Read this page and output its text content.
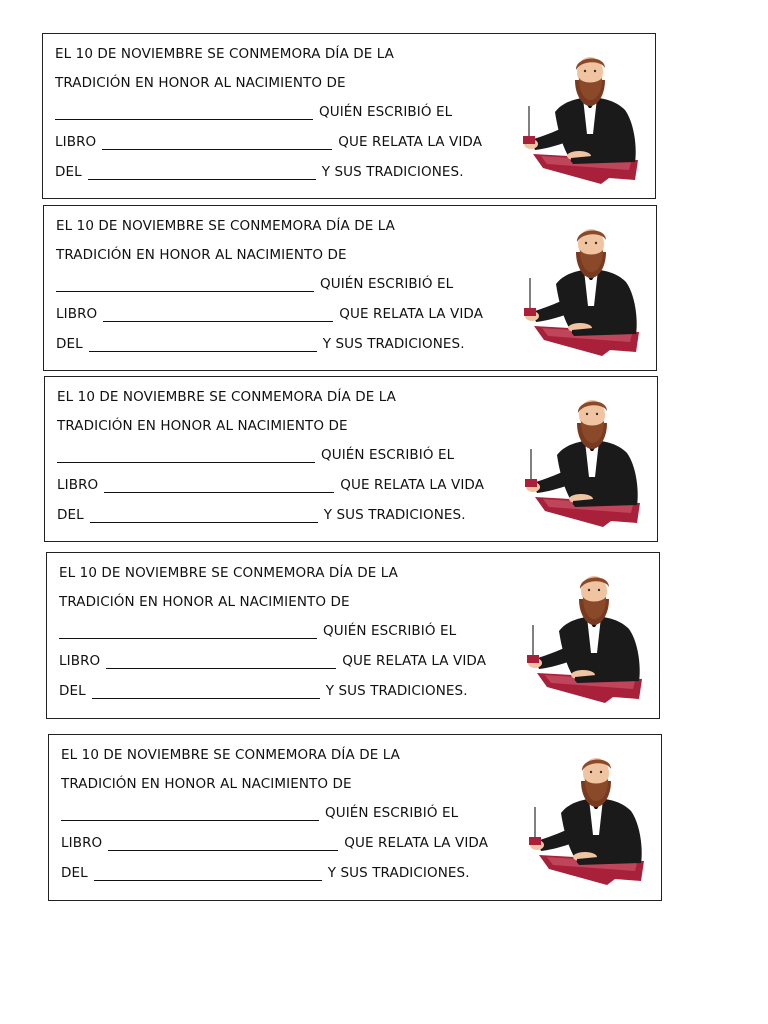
EL 10 DE NOVIEMBRE SE CONMEMORA DÍA DE LA
TRADICIÓN EN HONOR AL NACIMIENTO DE
QUIÉN ESCRIBIÓ EL
LIBRO	QUE RELATA LA VIDA
DEL	Y SUS TRADICIONES.
EL 10 DE NOVIEMBRE SE CONMEMORA DÍA DE LA
TRADICIÓN EN HONOR AL NACIMIENTO DE
QUIÉN ESCRIBIÓ EL
LIBRO	QUE RELATA LA VIDA
DEL	Y SUS TRADICIONES.
EL 10 DE NOVIEMBRE SE CONMEMORA DÍA DE LA
TRADICIÓN EN HONOR AL NACIMIENTO DE
QUIÉN ESCRIBIÓ EL
LIBRO	QUE RELATA LA VIDA
DEL	Y SUS TRADICIONES.
EL 10 DE NOVIEMBRE SE CONMEMORA DÍA DE LA
TRADICIÓN EN HONOR AL NACIMIENTO DE
QUIÉN ESCRIBIÓ EL
LIBRO	QUE RELATA LA VIDA
DEL	Y SUS TRADICIONES.
EL 10 DE NOVIEMBRE SE CONMEMORA DÍA DE LA
TRADICIÓN EN HONOR AL NACIMIENTO DE
QUIÉN ESCRIBIÓ EL
LIBRO	QUE RELATA LA VIDA
DEL	Y SUS TRADICIONES.
